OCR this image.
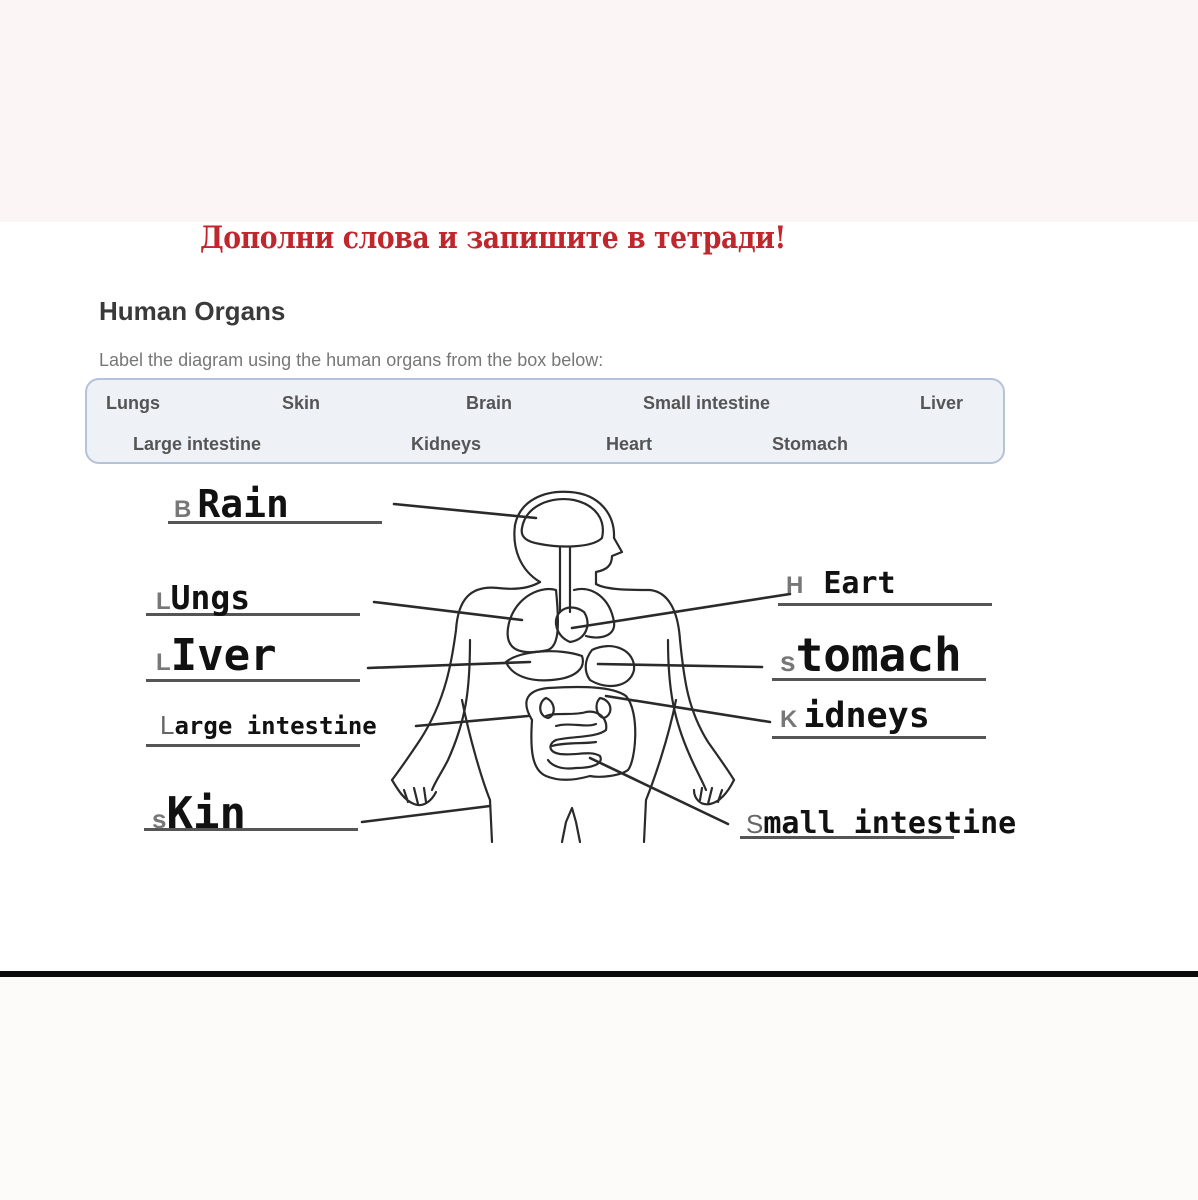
Дополни слова и запишите в тетради!
Human Organs
Label the diagram using the human organs from the box below:
Lungs	Skin	Brain	Small intestine	Liver
Large intestine	Kidneys	Heart	Stomach
B Rain
LUngs
LIver
Large intestine
sKin
H Eart
stomach
K idneys
Small intestine
